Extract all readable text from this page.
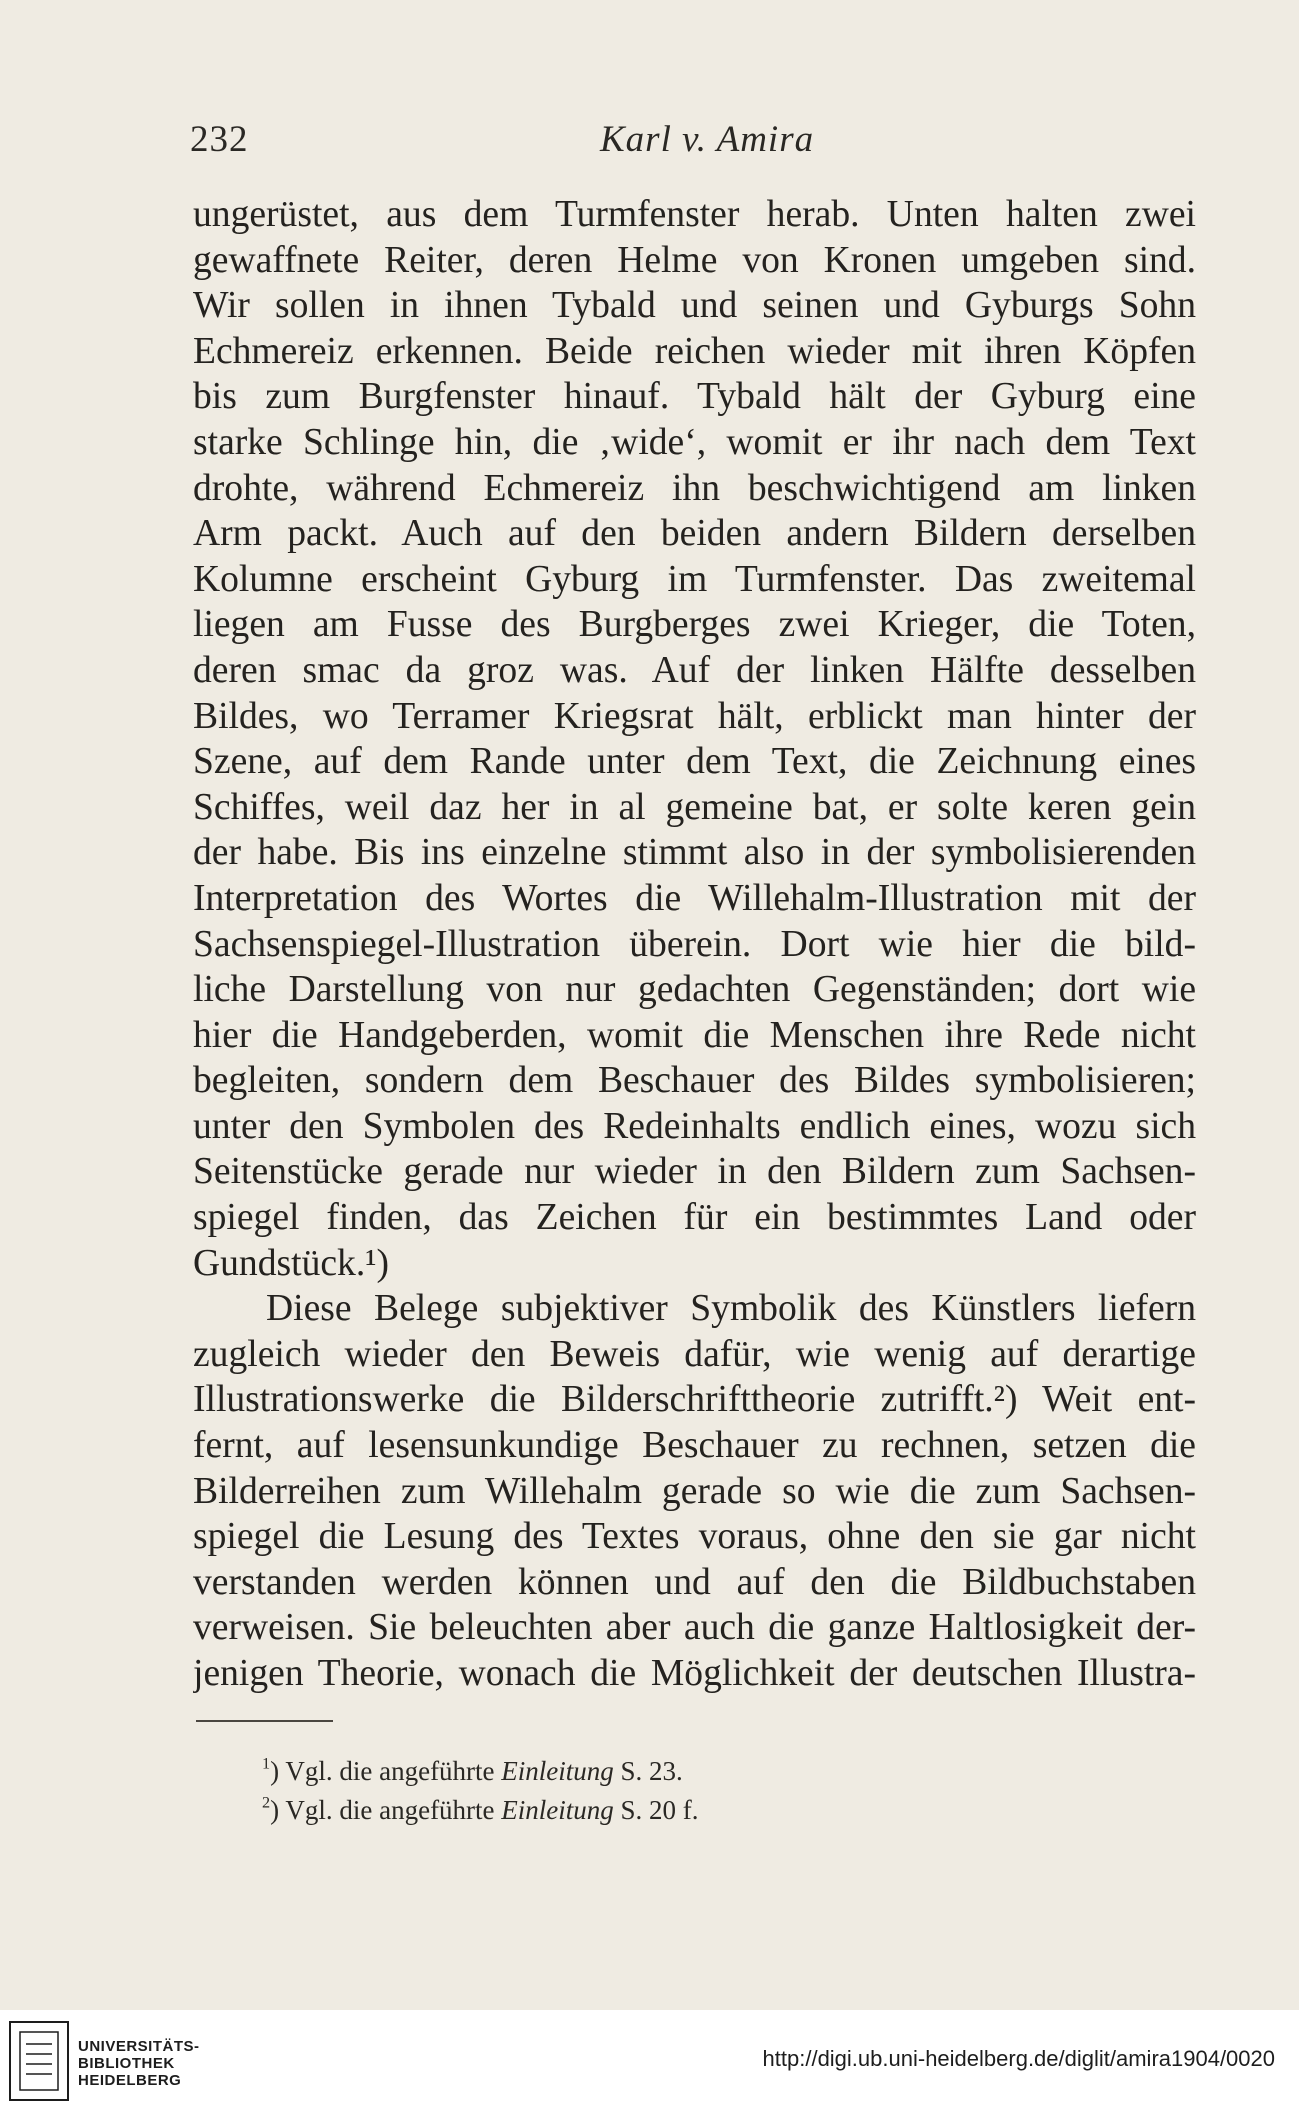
232	Karl v. Amira
ungerüstet, aus dem Turmfenster herab. Unten halten zwei
gewaffnete Reiter, deren Helme von Kronen umgeben sind.
Wir sollen in ihnen Tybald und seinen und Gyburgs Sohn
Echmereiz erkennen. Beide reichen wieder mit ihren Köpfen
bis zum Burgfenster hinauf. Tybald hält der Gyburg eine
starke Schlinge hin, die ‚wide‘, womit er ihr nach dem Text
drohte, während Echmereiz ihn beschwichtigend am linken
Arm packt. Auch auf den beiden andern Bildern derselben
Kolumne erscheint Gyburg im Turmfenster. Das zweitemal
liegen am Fusse des Burgberges zwei Krieger, die Toten,
deren smac da groz was. Auf der linken Hälfte desselben
Bildes, wo Terramer Kriegsrat hält, erblickt man hinter der
Szene, auf dem Rande unter dem Text, die Zeichnung eines
Schiffes, weil daz her in al gemeine bat, er solte keren gein
der habe. Bis ins einzelne stimmt also in der symbolisierenden
Interpretation des Wortes die Willehalm-Illustration mit der
Sachsenspiegel-Illustration überein. Dort wie hier die bild-
liche Darstellung von nur gedachten Gegenständen; dort wie
hier die Handgeberden, womit die Menschen ihre Rede nicht
begleiten, sondern dem Beschauer des Bildes symbolisieren;
unter den Symbolen des Redeinhalts endlich eines, wozu sich
Seitenstücke gerade nur wieder in den Bildern zum Sachsen-
spiegel finden, das Zeichen für ein bestimmtes Land oder
Gundstück.¹)
Diese Belege subjektiver Symbolik des Künstlers liefern
zugleich wieder den Beweis dafür, wie wenig auf derartige
Illustrationswerke die Bilderschrifttheorie zutrifft.²) Weit ent-
fernt, auf lesensunkundige Beschauer zu rechnen, setzen die
Bilderreihen zum Willehalm gerade so wie die zum Sachsen-
spiegel die Lesung des Textes voraus, ohne den sie gar nicht
verstanden werden können und auf den die Bildbuchstaben
verweisen. Sie beleuchten aber auch die ganze Haltlosigkeit der-
jenigen Theorie, wonach die Möglichkeit der deutschen Illustra-
$^1$) Vgl. die angeführte Einleitung S. 23.
$^2$) Vgl. die angeführte Einleitung S. 20 f.
UNIVERSITÄTS-
BIBLIOTHEK
HEIDELBERG
http://digi.ub.uni-heidelberg.de/diglit/amira1904/0020
